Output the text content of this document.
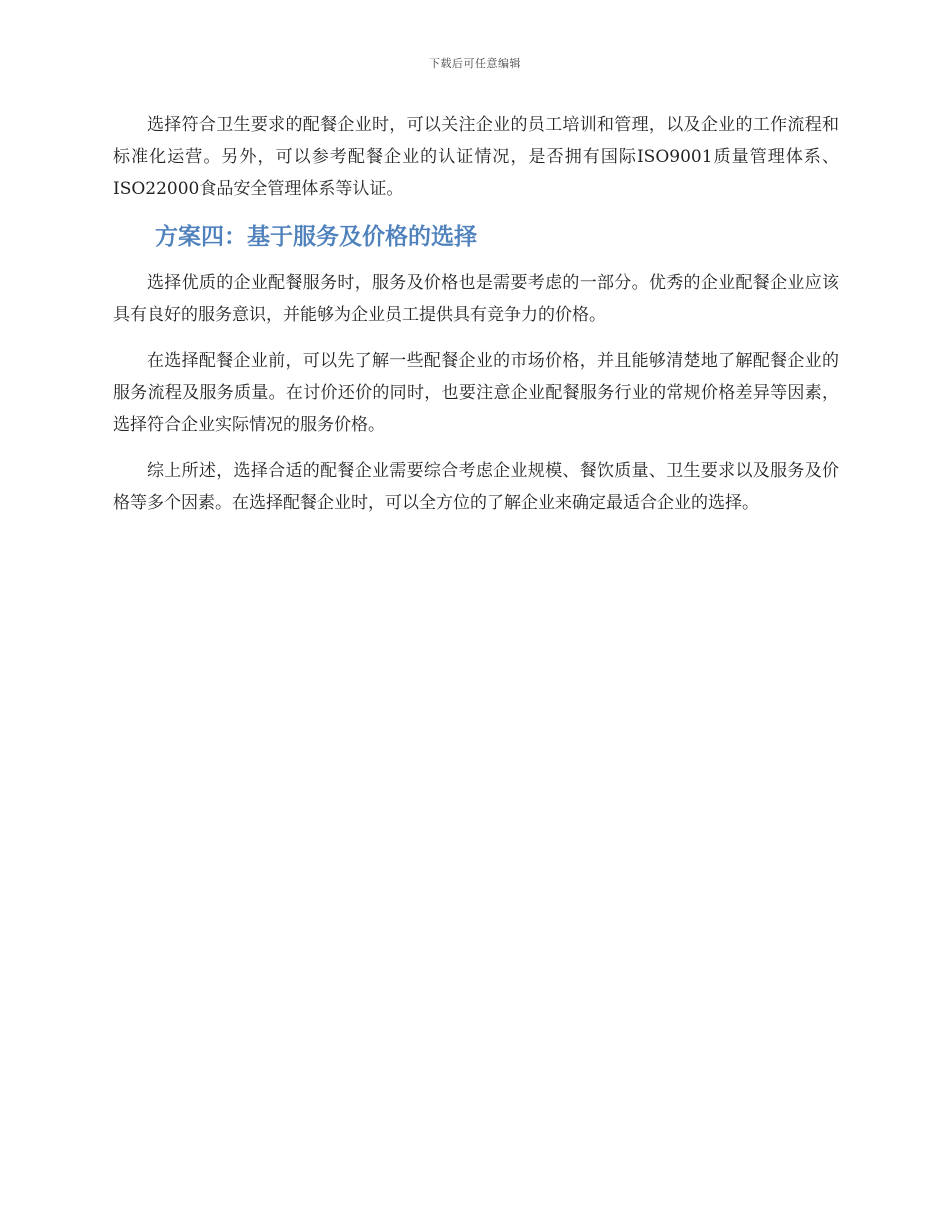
下载后可任意编辑

选择符合卫生要求的配餐企业时，可以关注企业的员工培训和管理，以及企业的工作流程和标准化运营。另外，可以参考配餐企业的认证情况，是否拥有国际ISO9001质量管理体系、ISO22000食品安全管理体系等认证。

方案四：基于服务及价格的选择

选择优质的企业配餐服务时，服务及价格也是需要考虑的一部分。优秀的企业配餐企业应该具有良好的服务意识，并能够为企业员工提供具有竞争力的价格。

在选择配餐企业前，可以先了解一些配餐企业的市场价格，并且能够清楚地了解配餐企业的服务流程及服务质量。在讨价还价的同时，也要注意企业配餐服务行业的常规价格差异等因素，选择符合企业实际情况的服务价格。

综上所述，选择合适的配餐企业需要综合考虑企业规模、餐饮质量、卫生要求以及服务及价格等多个因素。在选择配餐企业时，可以全方位的了解企业来确定最适合企业的选择。
